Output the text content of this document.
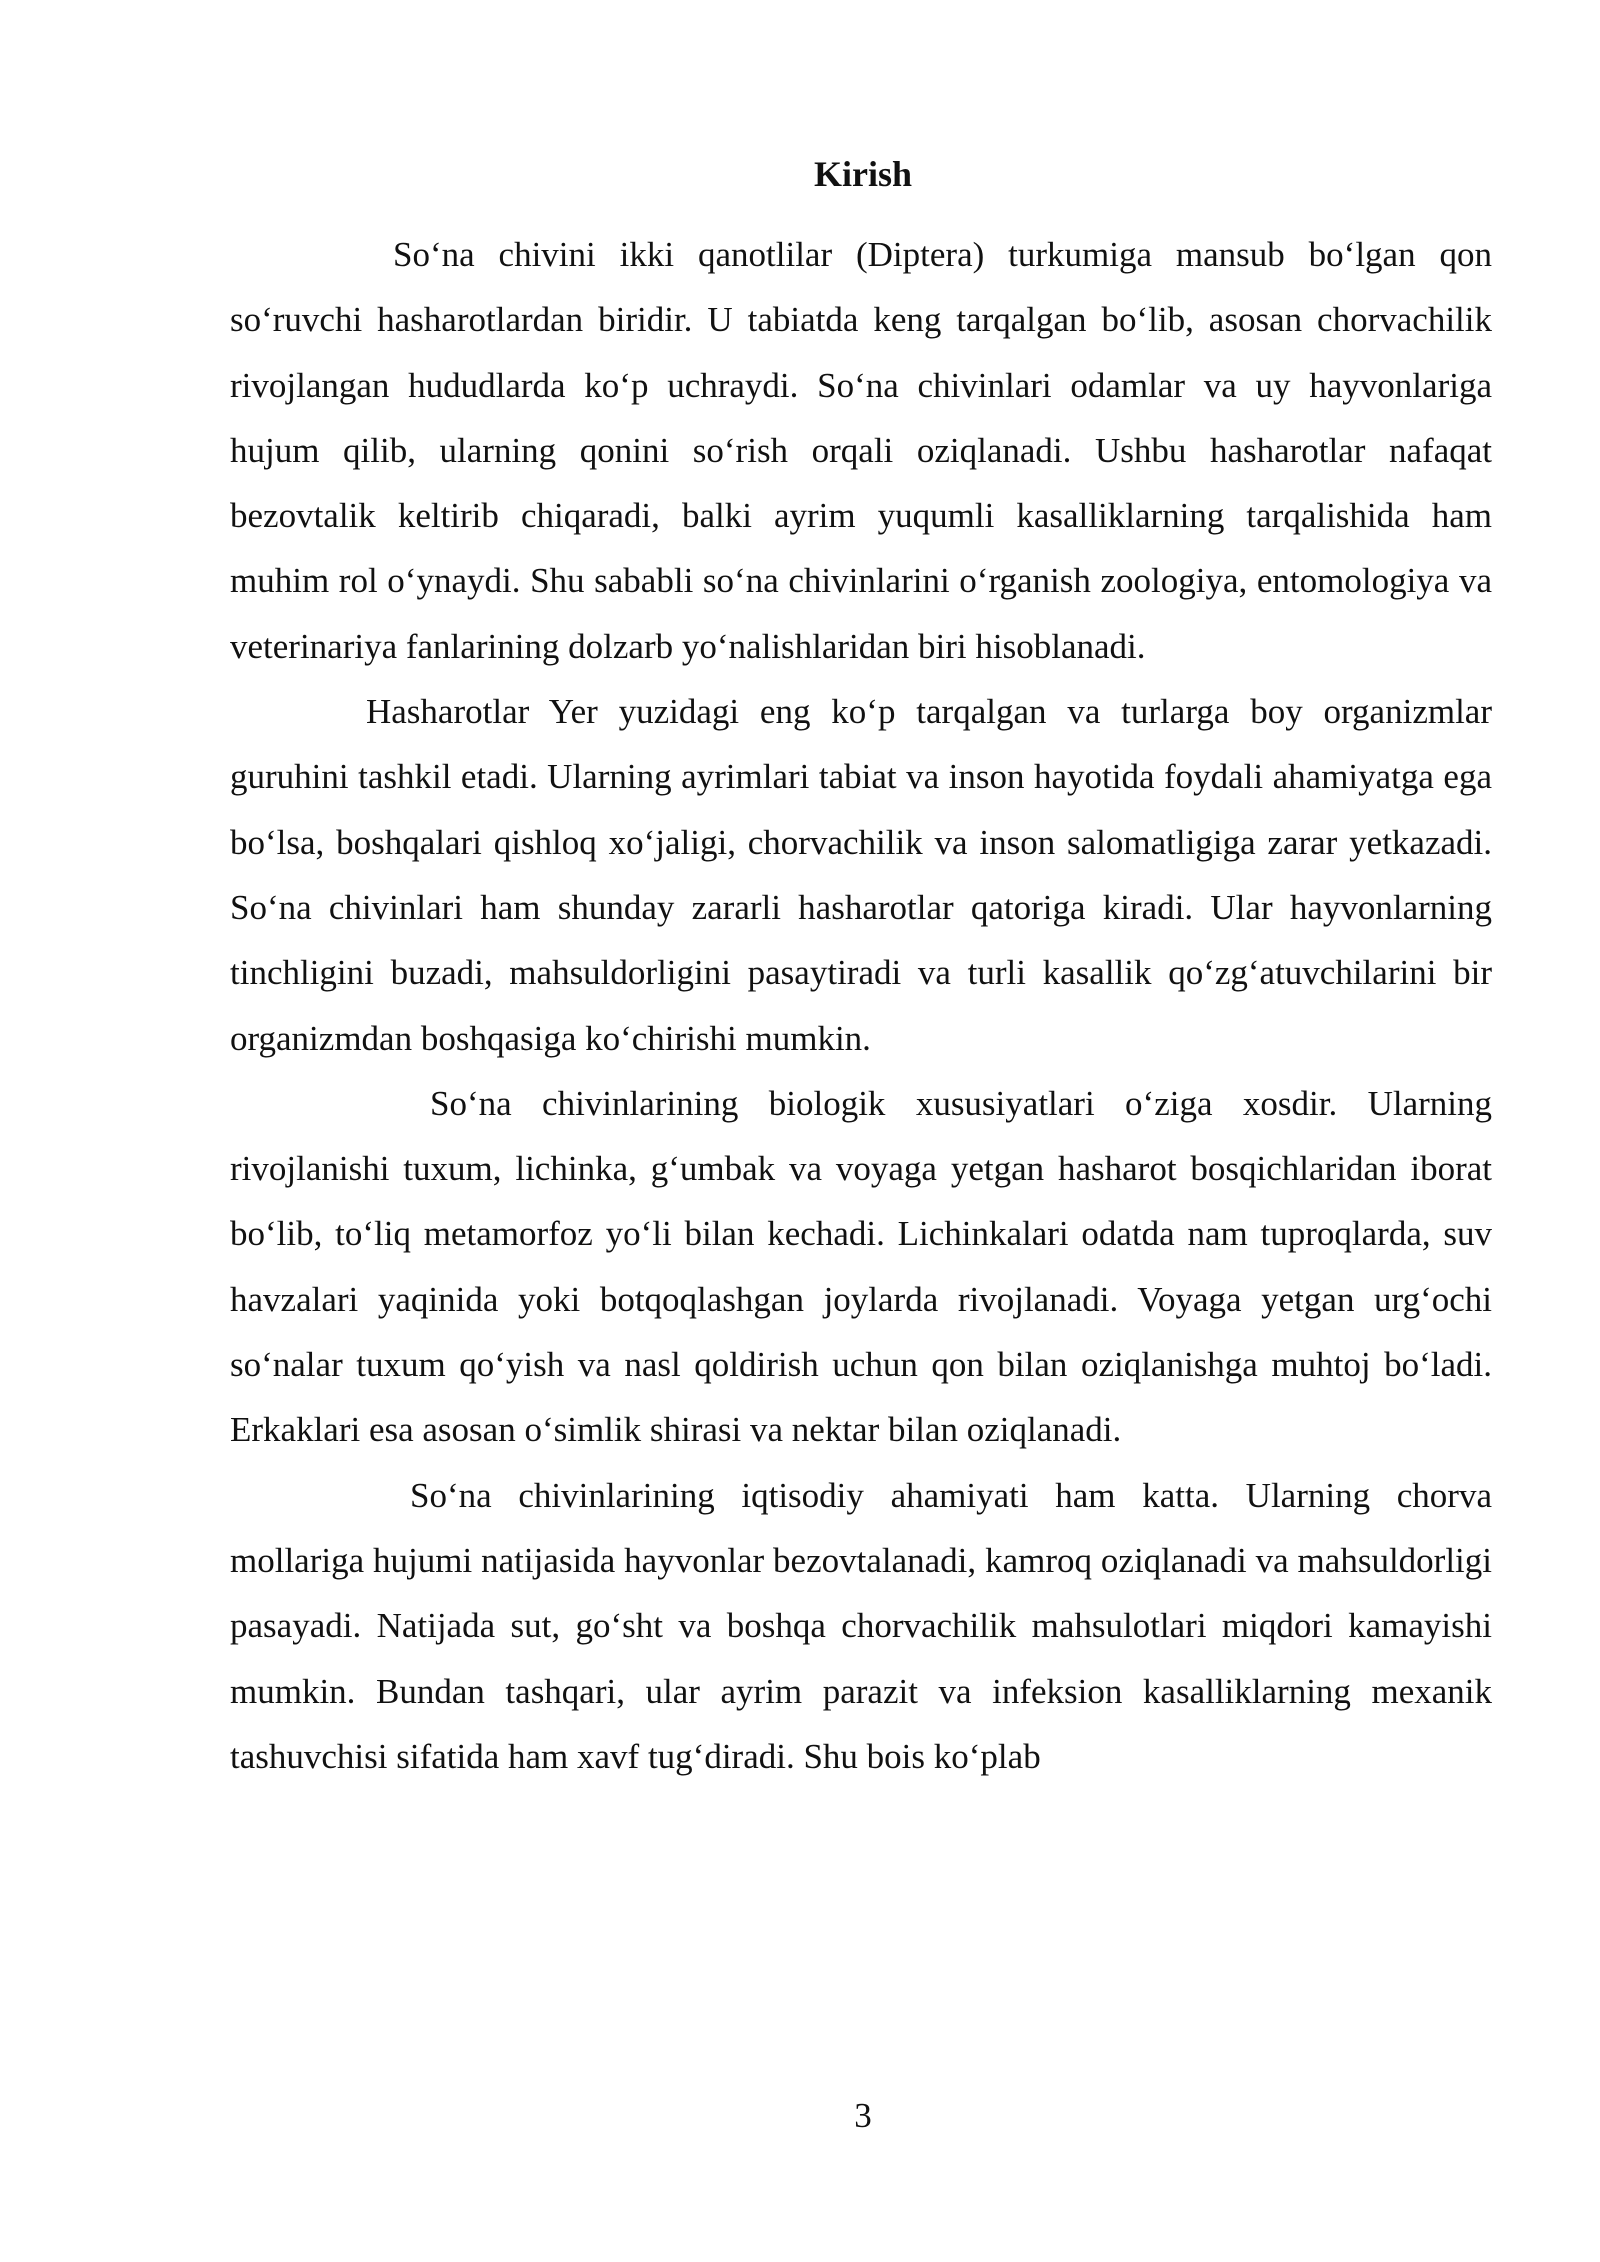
Kirish

So‘na chivini ikki qanotlilar (Diptera) turkumiga mansub bo‘lgan qon so‘ruvchi hasharotlardan biridir. U tabiatda keng tarqalgan bo‘lib, asosan chorvachilik rivojlangan hududlarda ko‘p uchraydi. So‘na chivinlari odamlar va uy hayvonlariga hujum qilib, ularning qonini so‘rish orqali oziqlanadi. Ushbu hasharotlar nafaqat bezovtalik keltirib chiqaradi, balki ayrim yuqumli kasalliklarning tarqalishida ham muhim rol o‘ynaydi. Shu sababli so‘na chivinlarini o‘rganish zoologiya, entomologiya va veterinariya fanlarining dolzarb yo‘nalishlaridan biri hisoblanadi.

Hasharotlar Yer yuzidagi eng ko‘p tarqalgan va turlarga boy organizmlar guruhini tashkil etadi. Ularning ayrimlari tabiat va inson hayotida foydali ahamiyatga ega bo‘lsa, boshqalari qishloq xo‘jaligi, chorvachilik va inson salomatligiga zarar yetkazadi. So‘na chivinlari ham shunday zararli hasharotlar qatoriga kiradi. Ular hayvonlarning tinchligini buzadi, mahsuldorligini pasaytiradi va turli kasallik qo‘zg‘atuvchilarini bir organizmdan boshqasiga ko‘chirishi mumkin.

So‘na chivinlarining biologik xususiyatlari o‘ziga xosdir. Ularning rivojlanishi tuxum, lichinka, g‘umbak va voyaga yetgan hasharot bosqichlaridan iborat bo‘lib, to‘liq metamorfoz yo‘li bilan kechadi. Lichinkalari odatda nam tuproqlarda, suv havzalari yaqinida yoki botqoqlashgan joylarda rivojlanadi. Voyaga yetgan urg‘ochi so‘nalar tuxum qo‘yish va nasl qoldirish uchun qon bilan oziqlanishga muhtoj bo‘ladi. Erkaklari esa asosan o‘simlik shirasi va nektar bilan oziqlanadi.

So‘na chivinlarining iqtisodiy ahamiyati ham katta. Ularning chorva mollariga hujumi natijasida hayvonlar bezovtalanadi, kamroq oziqlanadi va mahsuldorligi pasayadi. Natijada sut, go‘sht va boshqa chorvachilik mahsulotlari miqdori kamayishi mumkin. Bundan tashqari, ular ayrim parazit va infeksion kasalliklarning mexanik tashuvchisi sifatida ham xavf tug‘diradi. Shu bois ko‘plab

3
